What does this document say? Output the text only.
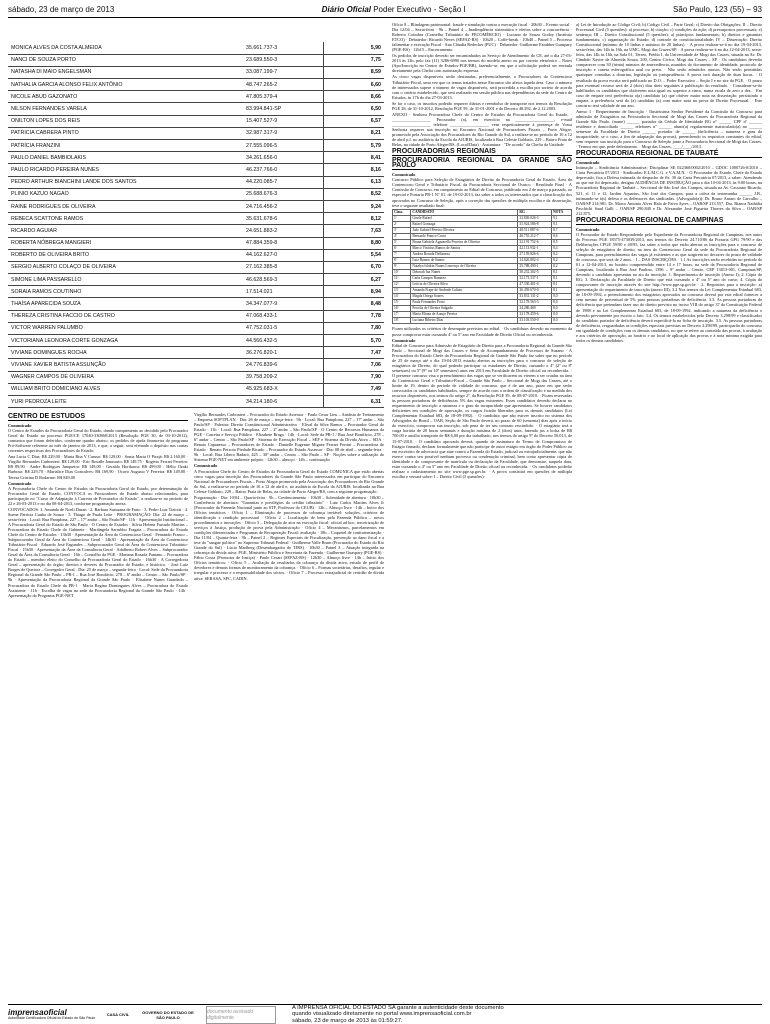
sábado, 23 de março de 2013	Diário Oficial Poder Executivo - Seção I	São Paulo, 123 (55) – 93
MONICA ALVES DA COSTA ALMEIDA	35.661.737-3	5,90
NANCI DE SOUZA PORTO	23.689.550-3	7,75
NATASHA DI MAIO ENGELSMAN	33.087.199-7	8,59
NATHALIA GARCIA ALONSO FELIX ANTÔNIO	48.747.265-2	6,60
NICOLE ABUD GAZONATO	47.805.379-4	8,66
NILSON FERNANDES VARELA	83.994.841-SP	6,50
ONILTON LOPES DOS REIS	15.407.527-9	6,57
PATRICIA CABRERA PINTO	32.987.317-9	8,21
PATRÍCIA FRANZINI	27.555.096-5	5,79
PAULO DANIEL BAMBIOLAKIS	34.261.656-0	8,41
PAULO RICARDO PEREIRA NUNES	46.237.766-0	8,16
PEDRO ARTHUR BIANCHINI LANDE DOS SANTOS	44.220.085-7	6,13
PLINIO KAZUO NAGAO	25.688.676-3	8,52
RAINE RODRIGUES DE OLIVEIRA	24.716.456-2	9,24
REBECA SCATTONE RAMOS	35.631.678-6	8,12
RICARDO AGUIAR	24.651.883-2	7,63
ROBERTA NÓBREGA MANGIERI	47.884.359-8	8,80
ROBERTO DE OLIVEIRA BRITO	44.162.627-0	5,54
SERGIO ALBERTO COLAÇO DE OLIVEIRA	27.162.385-8	6,70
SIMONE LIMA PASSARELLO	46.628.569-3	6,27
SORAIA RAMOS COUTINHO	17.514.021	8,94
THAÍSA APARECIDA SOUZA	34.347.077-9	8,48
THEREZA CRISTINA FACCIO DE CASTRO	47.068.433-1	7,78
VICTOR WARREN PALUMBO	47.752.031-5	7,80
VICTORIANA LEONORA CORTE GONZAGA	44.566.432-5	5,70
VIVIANE DOMINGUES ROCHA	36.276.820-1	7,47
VIVIANE XAVIER BATISTA ASSUNÇÃO	24.776.839-6	7,06
WAGNER CAMPOS DE OLIVEIRA	39.758.209-2	7,90
WILLIAM BRITO DOMICIANO ALVES	45.925.683-X	7,49
YURI PEDROZA LEITE	34.214.180-6	6,31
CENTRO DE ESTUDOS
Comunicado

O Centro de Estudos da Procuradoria Geral do Estado, dando cumprimento ao decidido pelo Procurador Geral do Estado no processo PGE/CE 17040-330868/2013 (Resolução PGE 30, de 03-10-2012), comunica que foram deferidos, conforme quadro abaixo, os pedidos de ajuda financeira do programa Pró-Software referente ao mês de janeiro de 2013, e que, a seguir, será efetuado o depósito nas contas correntes respectivas dos Procuradores do Estado:

Ana Lucia C Dias: R$ 229,00 · Maria Rita V Caruso: R$ 129,00 · Sonia Maria O Pirajá: R$ 2.160,00 · Virgílio Bernardes Carbonieri: R$ 129,00 · Eric Rosalle Janusario: R$ 149,75 · Rogério Ferrari Ferreira: R$ 89,90 · Andre Rodrigues Junqueira: R$ 149,00 · Geraldo Horikawa: R$ 499,00 · Hélio Ozaki Barbosa: R$ 229,70 · Marialice Dias Goncalves: R$ 169,90 · Ocavo Augusto V Ferreira: R$ 149,00 · Teresa Cristina D Rodarme: R$ 849,00

Comunicado

A Procuradoria Chefe do Centro de Estudos da Procuradoria Geral do Estado, por determinação do Procurador Geral do Estado, CONVOCA os Procuradores do Estado abaixo relacionados, para participação no "Curso de Adaptação à Carreira de Procurador do Estado", a realizar-se no período de 22 e 26-03-2013 e no dia 08-04-2013, conforme programação anexa.

CONVOCADOS: 1. Amanda de Noeli Duran · 2. Barbara Sussuana de Fario · 3. Pedro Luiz Tiziotti · 4. Suene Patrícia Cunha de Souza · 5. Thiago de Paula Leite · PROGRAMAÇÃO: Dia: 22 de março – sexta-feira · Local: Rua Pamplona, 227 – 17º andar – São Paulo/SP · 11h · Apresentação Institucional – A Procuradoria Geral do Estado de São Paulo · O Centro de Estudos · Silvia Helena Furtado Martins – Procuradora do Estado Chefe do Gabinete · Mariângela Sarrubbo Fragata – Procuradora do Estado Chefe do Centro de Estudos · 13h30 · Apresentação da Área do Contencioso Geral · Fernando Franco – Subprocurador Geral da Área do Contencioso Geral · 14h30 · Apresentação da Área do Contencioso Tributário-Fiscal · Eduardo José Fagundes – Subprocurador Geral da Área do Contencioso Tributário-Fiscal · 15h30 · Apresentação da Área da Consultoria Geral · Adalberto Robert Alves – Subprocurador Geral da Área da Consultoria Geral · 16h – Conselho da PGE · Mariana Rosada Pantano – Procuradora do Estado – membro eleito do Conselho da Procuradoria Geral do Estado · 16h30 · A Corregedoria Geral – apresentação do órgão; direitos e deveres do Procurador do Estado; e histórico. · José Luiz Borges de Queiroz – Corregedor Geral · Dia: 25 de março – segunda-feira · Local: Sede da Procuradoria Regional da Grande São Paulo – PR-1 – Rua José Bonifácio, 278 – 6º andar – Centro – São Paulo/SP · 9h · Apresentação da Procuradoria Regional da Grande São Paulo · Elisabete Nunes Guardado – Procuradora do Estado Chefe da PR-1 · Maria Regina Dominguies Alves – Procuradora do Estado Assistente · 11h · Escolha de vagas na sede da Procuradoria Regional da Grande São Paulo · 14h · Apresentação do Programa PGE-NET

Virgílio Bernardes Carbonieri – Procurador do Estado Assessor · Paulo Cesar Lins – Analista de Treinamento – Empresa SOFTPLAN · Dia: 26 de março – terça-feira · 9h · Local: Rua Pamplona, 227 – 17º andar – São Paulo/SP · Palestra: Direito Constitucional Administrativo · Elival da Silva Ramos – Procurador Geral do Estado · 11h · Local: Rua Pamplona, 227 – 2º andar – São Paulo/SP · O Centro de Recursos Humanos da PGE - Carreira e Serviço Público · Elizabete Braga · 14h · Local: Sede da PR-1 / Rua José Bonifácio, 278 – 6º andar – Centro – São Paulo/SP · Sistema de Execução Fiscal – SEF e Sistema da Dívida Ativa – SDA · Renato Capanesso – Procuradores do Estado · Danielle Eugenne Miguez Ferrari Ferrini – Procuradora do Estado · Renato Peixoto Piedade Bicudo – Procurador do Estado Assessor · Dia: 08 de abril – segunda-feira · 9h · Local: Rua Líbero Badaró, 425 – 30º andar – Centro – São Paulo – SP · Noções sobre a utilização do Sistema PGE-NET em ambiente próprio · 12h30 – almoço · 14h – continuação

Comunicado

A Procuradora Chefe do Centro de Estudos da Procuradoria Geral do Estado COMUNICA que estão abertas cinco vagas para inscrição dos Procuradores da Grande São Paulo interessados em participar do Encontro Nacional de Procuradores Fiscais – Porto Alegre promovido pela Associação dos Procuradores do Rio Grande do Sul, a realizar-se no período de 10 a 12 de abril e, no auditório da Escola da AJURIS, localizada na Rua Celeste Gobbato, 229 – Bairro Praia de Belas, na cidade de Porto Alegre/RS, com a seguinte programação:

Programação · Dia: 10/04 – Quarta-feira · 9h – Credenciamento · 10h30 – Solenidade de abertura · 10h30 – Conferência de abertura: "Garantias e privilégios do crédito tributário" · Luiz Carlos Martins Alves Jr (Procurador da Fazenda Nacional junto ao STF, Professor do CEUB) · 12h – Almoço livre · 14h – Início dos Ofícios temáticos · Ofício 1 – Eliminação de processos de cobrança inviável: soluções, critérios de identificação e condição processual · Ofício 2 – Localização de bens pela Fazenda Pública – novos procedimentos e inovações · Ofício 3 – Delegação de atos na execução fiscal: oficial ad hoc, terceirização de serviços à Justiça, produção de prova pela Administração · Ofício 4 – Mecanismos, parcelamentos em condições diferenciadas e Programas de Recuperação Fiscal: avaliação · 18h – Coquetel de confraternização · Dia 11/04 – Quinta-feira · 9h – Painel 2 – Regimes Especiais de Fiscalização, prevenção ao dano fiscal e a tese do "sangue político" no Supremo Tribunal Federal · Guilherme Valle Brum (Procurador do Estado do Rio Grande do Sul) · Lúcio Marlberg (Desembargador do TJRS) · 10h30 – Painel 3 – Atuação integrada na cobrança da dívida ativa: PGE, Ministério Público e Secretaria da Fazenda · Guilherme Guaspary (PGE-RS) · Fábio Costa (Promotor de Justiça) · Paulo Cesari (SEFAZ-RS) · 12h30 – Almoço livre · 14h – Início dos Ofícios temáticos: · Ofício 5 – Avaliação de resultados da cobrança da dívida ativa, estudo de perfil de devedores e demais formas de monitoramento da cobrança. · Ofício 6 – Formas societárias, desafios, regular e irregular e processo e a responsabilidade dos sócios. · Ofício 7 – Processo extrajudicial de certidão de dívida ativa: SERASA, SPC, CADIN.

Ofício 8 – Blindagem patrimonial: fraude e simulação contra a execução fiscal · 20h30 – Evento social · Dia 12/04 – Sexta-feira · 9h – Painel 4 – Inadimplência sistemática e efeitos sobre a concorrência · Roberto Coimbra (Conselho Tributário do FECOMÉRCIO) · Luciano de Souza Godoy (Instituto ETCO) · Debatedor: Ricardo Neves (SEFAZ-RS) · 10h20 – Coffe-break · 10h40 – Painel 5 – Processo falimentar e execução Fiscal · Ana Cláudia Redecker (PUC) · Debatedor: Guilherme Estubber Guaspary (PGE-RS) · 12h15 – Encerramento

Os pedidos de inscrição deverão ser encaminhados ao Serviço de Atendimento do CE, até o dia 27-03-2013 às 12h, pelo fax (11) 3286-6990 nos termos do modelo anexo ou por correio eletrônico – Notes (Apo/Inscrição no Centro de Estudos-PGE/BR), fazendo-se, em que a solicitação poderá ser enviada diretamente pela Chefia com autorização expressa.

As cinco vagas disponíveis serão destinadas, preferencialmente, a Procuradores do Contencioso Tributário-Fiscal, uma vez que os temas tratados nesse Encontro são afetos àquela área. Caso o número de interessados supere o número de vagas disponíveis, será procedida a escolha por sorteio de acordo com o critério estabelecido, que será realizado em sessão pública nas dependências da sede do Centro de Estudos, às 17h do dia 27-03-2013.

Se for o caso, os inscritos poderão requerer diárias e reembolso de transporte nos termos da Resolução PGE 28, de 31-10-2012, Resolução PGE 59, de 31-01-2001 e do Decreto 48.292, de 2.12.2003.

ANEXO · Senhora Procuradora Chefe do Centro de Estudos da Procuradoria Geral do Estado, · __________________ Procurador (a), em exercício na __________________, e-mail __________________ telefone __________________ vem respeitosamente à presença de Vossa Senhoria requerer sua inscrição no Encontro Nacional de Procuradores Fiscais – Porto Alegre, promovido pela Associação dos Procuradores do Rio Grande do Sul, a realizar-se no período de 10 a 12 de abril p.f. no auditório da Escola da AJURIS, localizada à Rua Celeste Gobbato, 229 – Bairro Praia de Belas, na cidade de Porto Alegre/RS. (Local/Data) · Assinatura · "De acordo" da Chefia da Unidade

PROCURADORIAS REGIONAIS
PROCURADORIA REGIONAL DA GRANDE SÃO PAULO
Comunicado

Concurso Público para Seleção de Estagiários de Direito da Procuradoria Geral do Estado, Área do Contencioso Geral e Tributário Fiscal, da Procuradoria Seccional de Osasco · Resultado Final · A Comissão de Concurso, em cumprimento ao Edital de Concurso, publicado em 2 de março p.passado, ao especial e Portaria PR-1 N° 01, de 19-02-2013, faz saber a todos os interessados que a classificação dos aprovados no Concurso de Seleção, após a correção das questões de múltipla escolha e da dissertação, teve o seguinte resultado final:

Class.	CANDIDATO	RG	NOTA
1º	Gisele Rafael	32.849.026-5	9,1
2º	Rafael Gonzaga	33.924.586-8	9,1
3º	João Gabriel Pereira Oliveira	48.511.887-6	8,7
4º	Bernardo Franco Costa	46.755.212-7	8,6
5º	Bruna Gabriela Agazarella Ferreira de Oliveira	32.191.752-6	8,5
6º	Marco Vinicius Ramos de Santos	42.113.932-1	8,4
7º	Andrea Rosada Dellaneza	27.159.826-6	8,2
8º	Luiz Ramos de Santos	14.626.802-4	8,2
9º	Natalya Ishikin Nunes Lourenço de Oliveira	25.788.490-1	8,2
10º	Deborah Ina Nunes	38.252.302-5	8,1
11º	Carla Campos Ramirez	32.173.337-1	8,1
12º	Leticia de Oliveira Silva	47.330.401-6	8,1
13º	Amanda Frape de Andrade Caliato	36.459.670-0	8,1
14º	Magda Ortega Soares	33.831.131-2	8,0
15º	Paula Fernandes Porto	32.178.563-3	8,0
16º	Priscila de Oliveira Salgado	24.286.469	8,0
17º	Maria Eliana de Araujo Pereira	32.178.459-6	8,0
18º	Luciana Ribeiro Dias	33.103.550-0	8,0

Ficam utilizados os critérios de desempate previstos no edital. · Os candidatos deverão no momento da posse comprovar estar cursando 4º ou 5º ano em Faculdade de Direito Oficial ou reconhecida.

Comunicado

Edital de Concurso para Admissão de Estagiário de Direito para a Procuradoria Regional da Grande São Paulo – Seccional de Mogi das Cruzes e Setor de Acompanhamento de Processos de Suzano · A Procuradora do Estado Chefe da Procuradoria Regional da Grande São Paulo faz saber que no período de 25 de março até o dia 19-04-2013 estarão abertas as inscrições para o concurso de seleção de estagiários de Direito, do qual poderão participar os estudantes de Direito, cursando o 4º (2º ou 8º semestres) ou 5º (9º ou 10º semestres) anos em 2013 em Faculdade de Direito oficial ou reconhecida. · O presente concurso visa o preenchimento das vagas que se verificarem ou vierem a ser criadas na área do Contencioso Geral e Tributário-Fiscal – Grande São Paulo – Seccional de Mogi das Cruzes, até o limite de 19, dentro do período de validade do concurso, que é de um ano, prazo em que serão convocados os candidatos habilitados, sempre de acordo com a ordem de classificação e na medida dos recursos disponíveis, nos termos do artigo 2º, da Resolução PGE 39, de 08-07-2010. · Ficam reservadas às pessoas portadoras de deficiências 5% das vagas existentes. Esses candidatos deverão declarar no requerimento de inscrição a natureza e o grau da incapacidade que apresentam. Se houver candidatos deficientes em condições de aprovação, os cargos ficarão liberados para os demais candidatos (Lei Complementar Estadual 683, de 18-09-1992). · O candidato que não estiver inscrito no sistema dos Advogados do Brasil – OAB, Seção de São Paulo deverá, no prazo de 60 (sessenta) dias após o início do exercício, comprovar sua inscrição, sob pena de ter seu contrato rescindido. · O estagiário terá a carga horária de 20 horas semanais e duração máxima de 2 (dois) anos, fazendo jus a bolsa de R$ 700,00 e auxílio transporte de R$ 6,00 por dia trabalhado, nos termos do artigo 9º do Decreto 56.013, de 15-07-2010. · O candidato aprovado deverá, quando da assinatura do Termo de Compromisso de Estágio firmado, declarar formalmente que não participe de outro estágio em órgão do Poder Público ou em escritório de advocacia que atue contra a Fazenda do Estado, judicial ou extrajudicialmente, que não exerce contra seu possível nenhum processo ou condenação criminal, bem como apresentar cópia de identidade e do comprovante de matrícula ou declaração da Faculdade, que demonstre, naquela data, estar cursando o 4º ou 5º ano em Faculdade de Direito oficial ou reconhecida. · Os candidatos poderão realizar o cadastramento no site www.pge.sp.gov.br. · A prova consistirá em questões de múltipla escolha e versará sobre: I – Direito Civil (5 questões):

a) Lei de Introdução ao Código Civil; b) Código Civil – Parte Geral; c) Direito das Obrigações; II – Direito Processual Civil (5 questões): a) processo; b) citação; c) condições da ação; d) pressupostos processuais; e) sentença; III – Direito Constitucional (5 questões): a) princípios fundamentais; b) direitos e garantias fundamentais; c) organização do Estado; d) controle de constitucionalidade; IV – Dissertação: Direito Constitucional (mínimo de 10 linhas e máximo de 20 linhas). · A prova realizar-se-á no dia 19-04-2013, sexta-feira, das 14h às 16h, na UMC, Mogi das Cruzes/SP. · A prova realizar-se-á no dia 12-04-2013, sexta-feira, das 14h às 16h, na Sala 01, Térreo, Prédio I, da Universidade de Mogi das Cruzes, situada na Av. Dr. Cândido Xavier de Almeida Souza, 200, Centro Cívico, Mogi das Cruzes – SP. · Os candidatos deverão comparecer com 30 (trinta) minutos de antecedência, munidos do documento de identidade, protocolo de inscrição e caneta esferográfica azul ou preta. · Não serão admitidos atrasos. Não serão permitidas quaisquer consultas a doutrina, legislação ou jurisprudência. A prova terá duração de duas horas. · O resultado da prova escrita será publicado no D.O. – Poder Executivo – Seção I e no site da PGE. · O prazo para eventual recurso será de 2 (dois) dias úteis seguintes à publicação do resultado. · Considerar-se-ão habilitados os candidatos que obtiverem nota igual ou superior a cinco, numa escala de zero a dez. · Em caso de empate terá preferência o(a) candidato (a) que obtiver maior nota na dissertação; persistindo o empate, a preferência será do (a) candidato (a) com maior nota na prova de Direito Processual. · Este concurso terá validade de um ano.

Anexo I · Requerimento de Inscrição · Ilustríssima Senhor Presidente da Comissão do Concurso para admissão de Estagiários na Procuradoria Seccional de Mogi das Cruzes da Procuradoria Regional da Grande São Paulo. (nome) ______ portador da Cédula de Identidade RG nº ______ CPF nº ______ residente e domiciliado ______ telefones nº ______ aluno(a) regularmente matriculado(a) no ______ semestre da Faculdade de Direito ______ portador de ______ (deficiência – natureza e grau da incapacidade, se o caso, a fim de adaptação das provas), preenchendo os requisitos constantes do edital, vem requerer sua inscrição para o Concurso de Seleção junto a Procuradoria Seccional de Mogi das Cruzes. · Termos em que, pede deferimento. · Mogi das Cruzes, ____/____/2013.

PROCURADORIA REGIONAL DE TAUBATÉ
Comunicado

Intimação – Sindicância Administrativa: Disciplinar SE 022360/0002/2010 – GDOC 1000726-0/2010 – Carta Precatória 07/2013 · Sindicadas: E.L.M.C.G. e V.A.M.N. · O Procurador do Estado, Chefe do Estado deprecado, fica a Defesa intimada do despacho de fls. 30 da Carta Precatória 07/2013, a saber: Atendendo ao que me foi deprecado, designo AUDIÊNCIA DE INSTRUÇÃO para o dia 10-04-2013, às 9:00 horas, na Procuradoria Regional de Taubaté – Seccional de São José dos Campos, situada na Av. Cassiano Ricardo, 521, sl. 11 e 12, Jardim Aquarius, São José dos Campos, para a oitiva da testemunha ______ J.B., intimando-se à(s) defesa e os defensores das sindicadas. (Advogado(a)): Dr. Bruno Amaro de Carvalho – OAB/SP 214.981, Dr. Marco Antonio Alves Hala de Paiva Ayres – OAB/SP 213.557, Dra. Bianca Nathália Paschichi Saad Galli – OAB/SP 290.840 e Dr. Alexandre José Figueira Thorres da Silva – OAB/SP 212.875.

PROCURADORIA REGIONAL DE CAMPINAS
Comunicado

O Procurador do Estado Respondendo pelo Expediente da Procuradoria Regional de Campinas, nos autos do Processo PGE 18575-473039/2013, nos termos do Decreto 24.710/86 da Portaria GPG 79/90 e das Deliberações CPGE 59/90 e 40/95, faz saber a todos que estão abertas as inscrições para o concurso de seleção de estagiários de direito, na área do Contencioso Geral da sede da Procuradoria Regional de Campinas, para preenchimento das vagas já existentes e as que surgirem no decorrer do prazo de validade do concurso, que será de 2 anos. · I – DAS INSCRIÇÕES · 1.1 As inscrições serão recebidas no período de 01 a 12-04-2013, no horário compreendido entre 14 e 17 horas, na sede da Procuradoria Regional de Campinas, localizada à Rua José Paulino, 1396 – 9º andar – Centro, CEP 13013-001, Campinas/SP, devendo o candidato apresentar no ato da inscrição: 1. Requerimento de inscrição (Anexo I); 2. Cópia do RG; 3. Declaração da Faculdade de Direito que está cursando o 4º ou 5º ano do curso; 4. Cópia do comprovante de inscrição através do site http://www.pge.sp.gov.br · 2. Requisitos para a inscrição: a) apresentação do requerimento de inscrição (anexo III); 3.2 Nos termos da Lei Complementar Estadual 683, de 18-09-1992, o preenchimento dos estagiários aprovados no concurso deverá por este edital fornecer a cem mesmo de percentual de 5% para pessoas portadoras de deficiência. 3.3. As pessoas portadoras de deficiência que pretendam fazer uso do direito previsto no inciso VIII do artigo 37 da Constituição Federal de 1988 e na Lei Complementar Estadual 683, de 18-09-1992, indicando a natureza da deficiência e deverão previamente por escrito o fato. 3.4. Os termos estabelecidos pelo Decreto 3.298/99 e classificados do candidato portador de deficiência deverá especificá-la na ficha de inscrição. 3.5. As pessoas portadoras de deficiência, resguardadas as condições especiais previstas no Decreto 3.298/99, participarão do concurso em igualdade de condições com os demais candidatos, no que se refere ao conteúdo das provas, à avaliação e aos critérios de aprovação, ao horário e ao local de aplicação das provas e à nota mínima exigida para todos os demais candidatos.

imprensaoficial
Autoridade Certificadora Oficial do Estado de São Paulo
CASA CIVIL	GOVERNO DO ESTADO DE SÃO PAULO
documento assinado digitalmente
A IMPRENSA OFICIAL DO ESTADO SA garante a autenticidade deste documento
quando visualizado diretamente no portal www.imprensaoficial.com.br
sábado, 23 de março de 2013 às 01:59:27.
